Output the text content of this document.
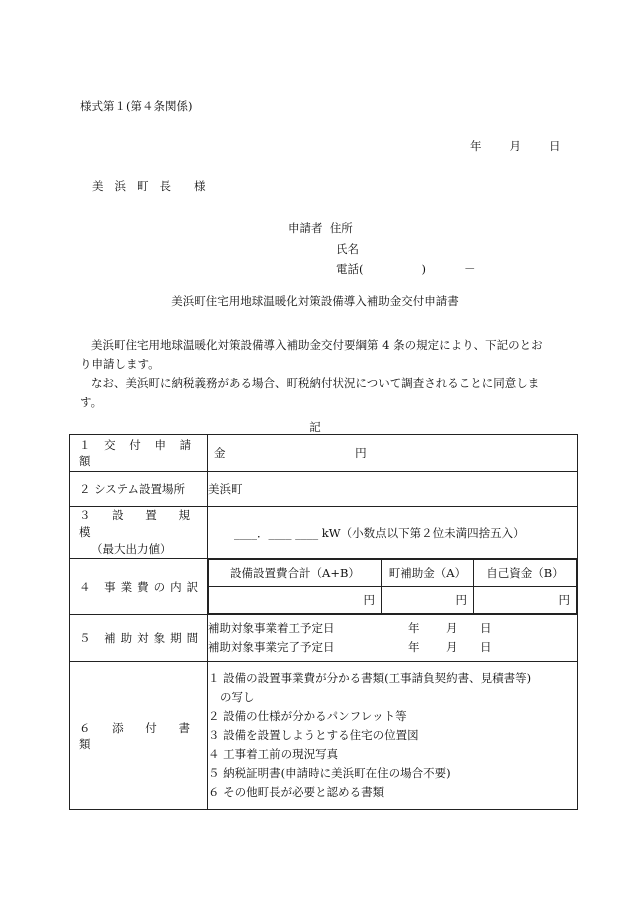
様式第１(第４条関係)
年 月 日
美浜町長 様
申請者 住所
氏名
電話(	)	－
美浜町住宅用地球温暖化対策設備導入補助金交付申請書

美浜町住宅用地球温暖化対策設備導入補助金交付要綱第 4 条の規定により、下記のとおり申請します。

なお、美浜町に納税義務がある場合、町税納付状況について調査されることに同意します。

記
１ 交 付 申 請 額	金	円
２ システム設置場所	美浜町

３ 設 置 規 模
（最大出力値）
	____．____ ____ kW（小数点以下第２位未満四捨五入）
４ 事業費の内訳	
設備設置費合計（A+B）	町補助金（A）	自己資金（B）
円	円	円

５ 補助対象期間	
補助対象事業着工予定日	年 月 日
補助対象事業完了予定日	年 月 日

６ 添 付 書 類	
１ 設備の設置事業費が分かる書類(工事請負契約書、見積書等)
の写し
２ 設備の仕様が分かるパンフレット等
３ 設備を設置しようとする住宅の位置図
４ 工事着工前の現況写真
５ 納税証明書(申請時に美浜町在住の場合不要)
６ その他町長が必要と認める書類
